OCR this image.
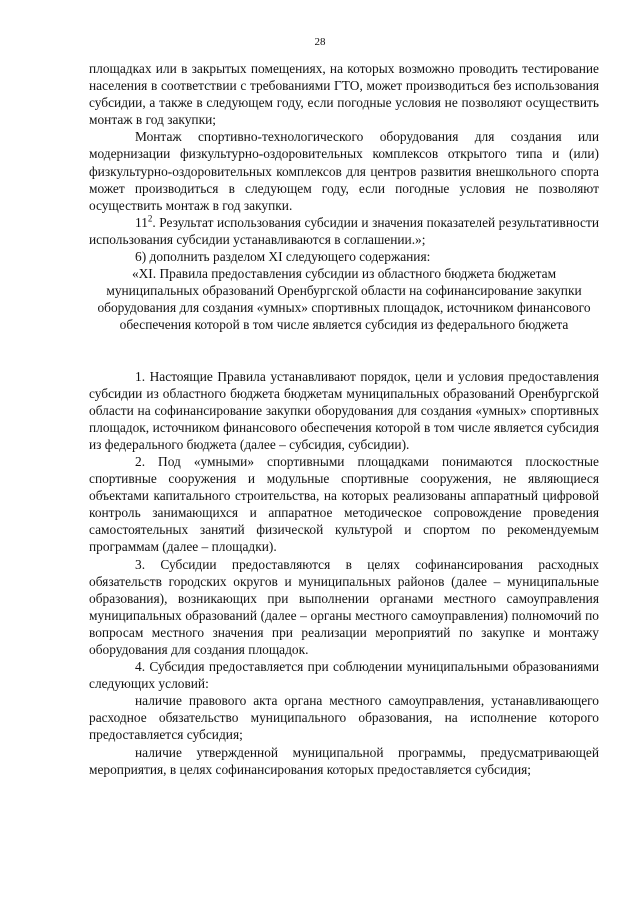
28

площадках или в закрытых помещениях, на которых возможно проводить тестирование населения в соответствии с требованиями ГТО, может производиться без использования субсидии, а также в следующем году, если погодные условия не позволяют осуществить монтаж в год закупки;

Монтаж спортивно-технологического оборудования для создания или модернизации физкультурно-оздоровительных комплексов открытого типа и (или) физкультурно-оздоровительных комплексов для центров развития внешкольного спорта может производиться в следующем году, если погодные условия не позволяют осуществить монтаж в год закупки.

$11^2$. Результат использования субсидии и значения показателей результативности использования субсидии устанавливаются в соглашении.»;

6) дополнить разделом XI следующего содержания:

«XI. Правила предоставления субсидии из областного бюджета бюджетам муниципальных образований Оренбургской области на софинансирование закупки оборудования для создания «умных» спортивных площадок, источником финансового обеспечения которой в том числе является субсидия из федерального бюджета

1. Настоящие Правила устанавливают порядок, цели и условия предоставления субсидии из областного бюджета бюджетам муниципальных образований Оренбургской области на софинансирование закупки оборудования для создания «умных» спортивных площадок, источником финансового обеспечения которой в том числе является субсидия из федерального бюджета (далее – субсидия, субсидии).

2. Под «умными» спортивными площадками понимаются плоскостные спортивные сооружения и модульные спортивные сооружения, не являющиеся объектами капитального строительства, на которых реализованы аппаратный цифровой контроль занимающихся и аппаратное методическое сопровождение проведения самостоятельных занятий физической культурой и спортом по рекомендуемым программам (далее – площадки).

3. Субсидии предоставляются в целях софинансирования расходных обязательств городских округов и муниципальных районов (далее – муниципальные образования), возникающих при выполнении органами местного самоуправления муниципальных образований (далее – органы местного самоуправления) полномочий по вопросам местного значения при реализации мероприятий по закупке и монтажу оборудования для создания площадок.

4. Субсидия предоставляется при соблюдении муниципальными образованиями следующих условий:

наличие правового акта органа местного самоуправления, устанавливающего расходное обязательство муниципального образования, на исполнение которого предоставляется субсидия;

наличие утвержденной муниципальной программы, предусматривающей мероприятия, в целях софинансирования которых предоставляется субсидия;
